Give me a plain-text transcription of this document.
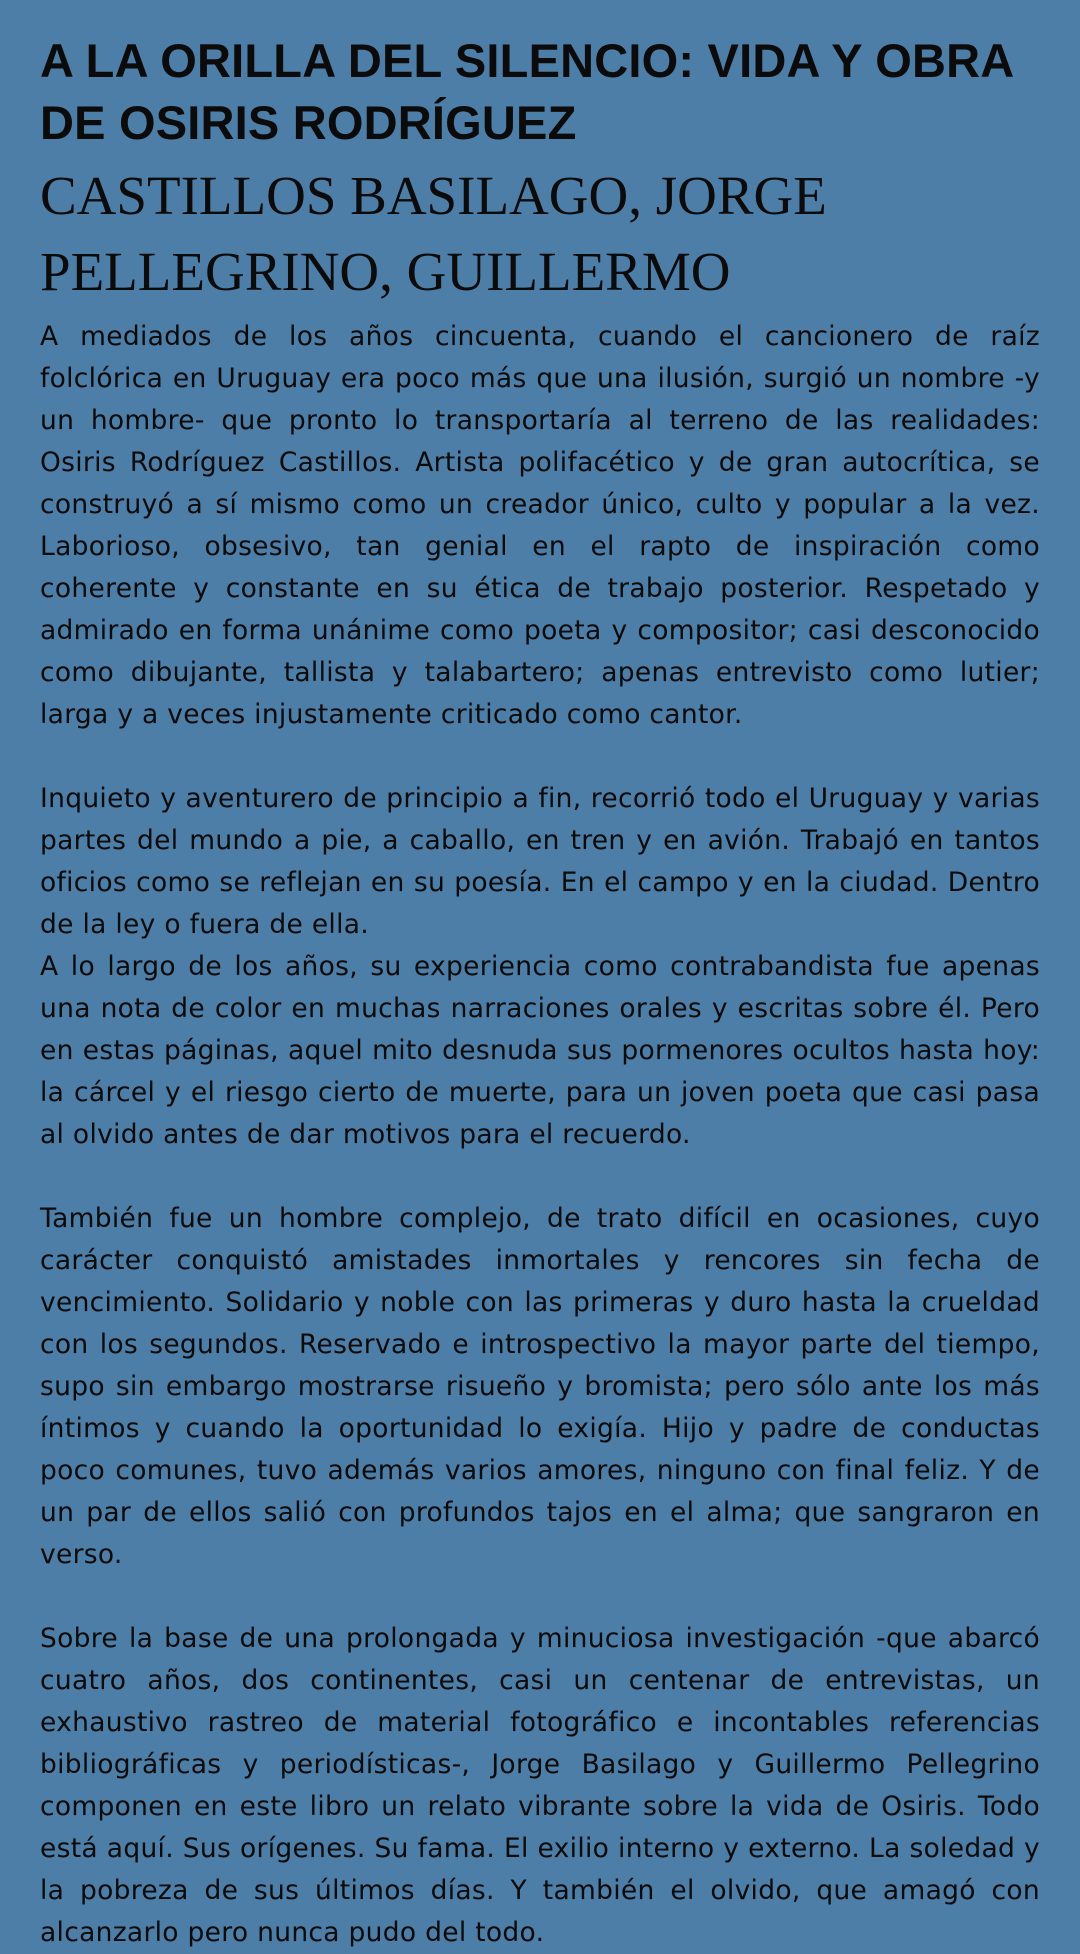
A LA ORILLA DEL SILENCIO: VIDA Y OBRA DE OSIRIS RODRÍGUEZ
CASTILLOS BASILAGO, JORGE PELLEGRINO, GUILLERMO

A mediados de los años cincuenta, cuando el cancionero de raíz folclórica en Uruguay era poco más que una ilusión, surgió un nombre -y un hombre- que pronto lo transportaría al terreno de las realidades: Osiris Rodríguez Castillos. Artista polifacético y de gran autocrítica, se construyó a sí mismo como un creador único, culto y popular a la vez. Laborioso, obsesivo, tan genial en el rapto de inspiración como coherente y constante en su ética de trabajo posterior. Respetado y admirado en forma unánime como poeta y compositor; casi desconocido como dibujante, tallista y talabartero; apenas entrevisto como lutier; larga y a veces injustamente criticado como cantor.

Inquieto y aventurero de principio a fin, recorrió todo el Uruguay y varias partes del mundo a pie, a caballo, en tren y en avión. Trabajó en tantos oficios como se reflejan en su poesía. En el campo y en la ciudad. Dentro de la ley o fuera de ella.

A lo largo de los años, su experiencia como contrabandista fue apenas una nota de color en muchas narraciones orales y escritas sobre él. Pero en estas páginas, aquel mito desnuda sus pormenores ocultos hasta hoy: la cárcel y el riesgo cierto de muerte, para un joven poeta que casi pasa al olvido antes de dar motivos para el recuerdo.

También fue un hombre complejo, de trato difícil en ocasiones, cuyo carácter conquistó amistades inmortales y rencores sin fecha de vencimiento. Solidario y noble con las primeras y duro hasta la crueldad con los segundos. Reservado e introspectivo la mayor parte del tiempo, supo sin embargo mostrarse risueño y bromista; pero sólo ante los más íntimos y cuando la oportunidad lo exigía. Hijo y padre de conductas poco comunes, tuvo además varios amores, ninguno con final feliz. Y de un par de ellos salió con profundos tajos en el alma; que sangraron en verso.

Sobre la base de una prolongada y minuciosa investigación -que abarcó cuatro años, dos continentes, casi un centenar de entrevistas, un exhaustivo rastreo de material fotográfico e incontables referencias bibliográficas y periodísticas-, Jorge Basilago y Guillermo Pellegrino componen en este libro un relato vibrante sobre la vida de Osiris. Todo está aquí. Sus orígenes. Su fama. El exilio interno y externo. La soledad y la pobreza de sus últimos días. Y también el olvido, que amagó con alcanzarlo pero nunca pudo del todo.
